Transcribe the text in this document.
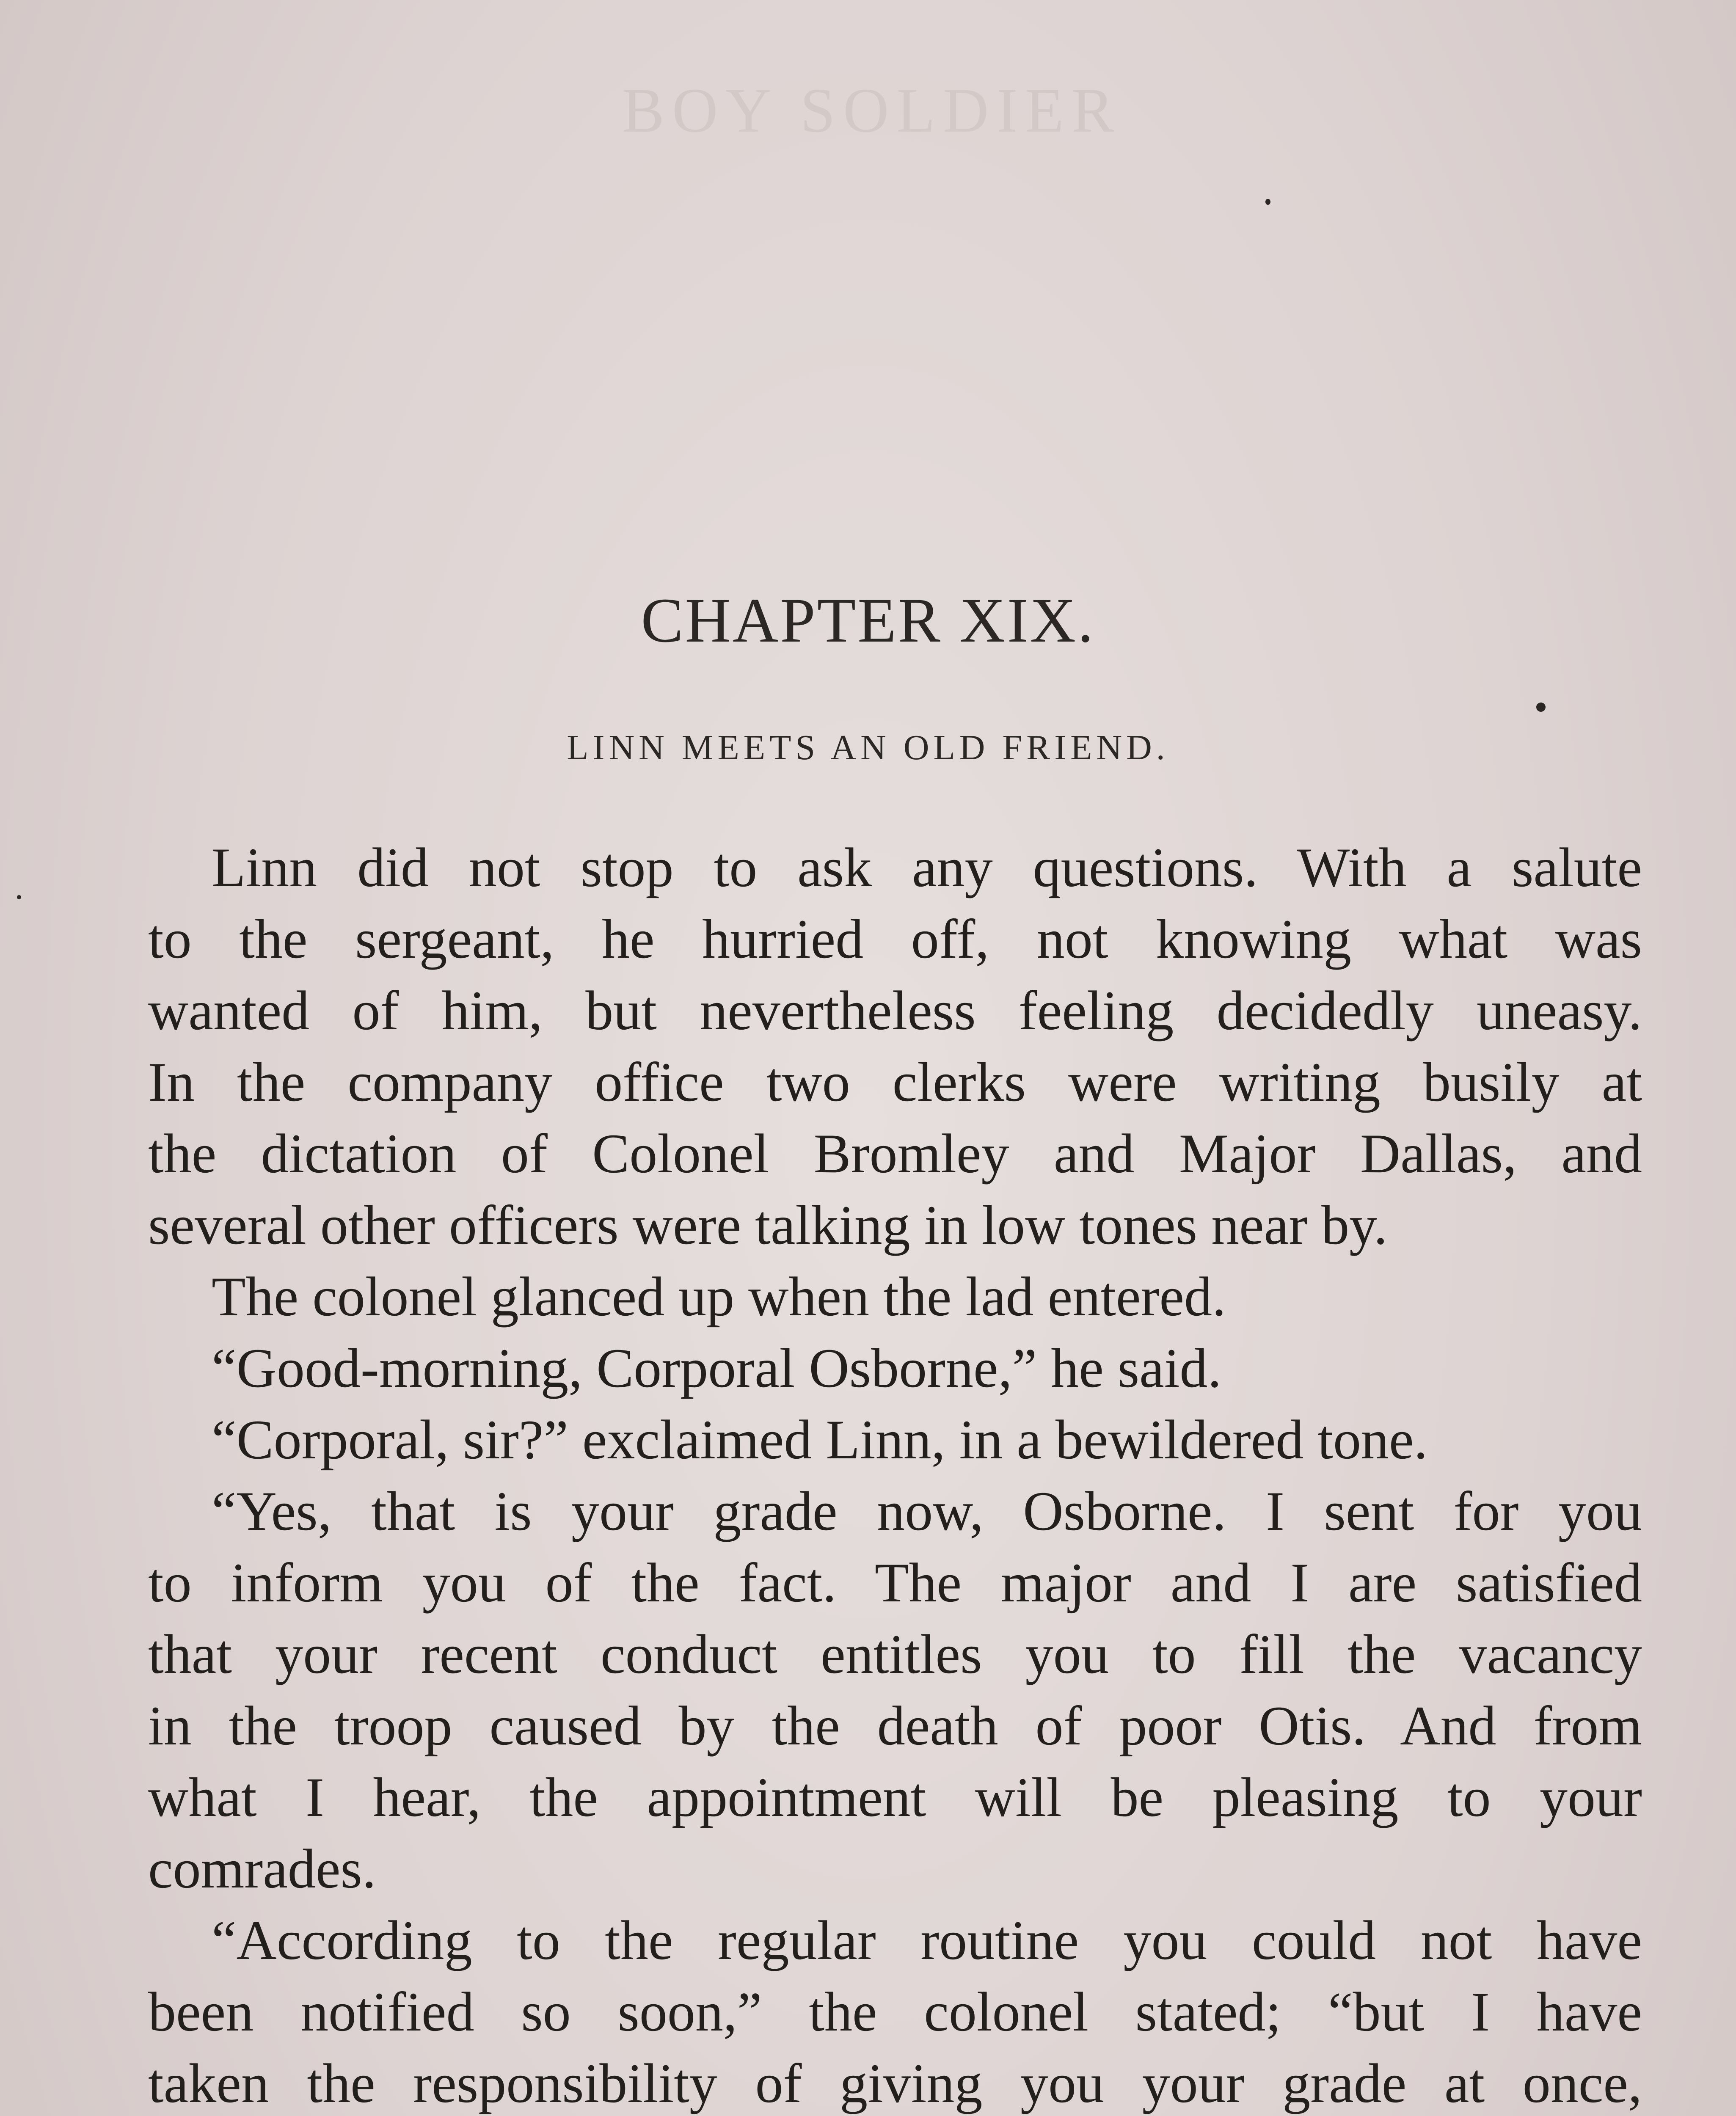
BOY SOLDIER
CHAPTER XIX.
LINN MEETS AN OLD FRIEND.
Linn did not stop to ask any questions. With a salute
to the sergeant, he hurried off, not knowing what was
wanted of him, but nevertheless feeling decidedly uneasy.
In the company office two clerks were writing busily at
the dictation of Colonel Bromley and Major Dallas, and
several other officers were talking in low tones near by.
The colonel glanced up when the lad entered.
“Good-morning, Corporal Osborne,” he said.
“Corporal, sir?” exclaimed Linn, in a bewildered tone.
“Yes, that is your grade now, Osborne. I sent for you
to inform you of the fact. The major and I are satisfied
that your recent conduct entitles you to fill the vacancy
in the troop caused by the death of poor Otis. And from
what I hear, the appointment will be pleasing to your
comrades.
“According to the regular routine you could not have
been notified so soon,” the colonel stated; “but I have
taken the responsibility of giving you your grade at once,
